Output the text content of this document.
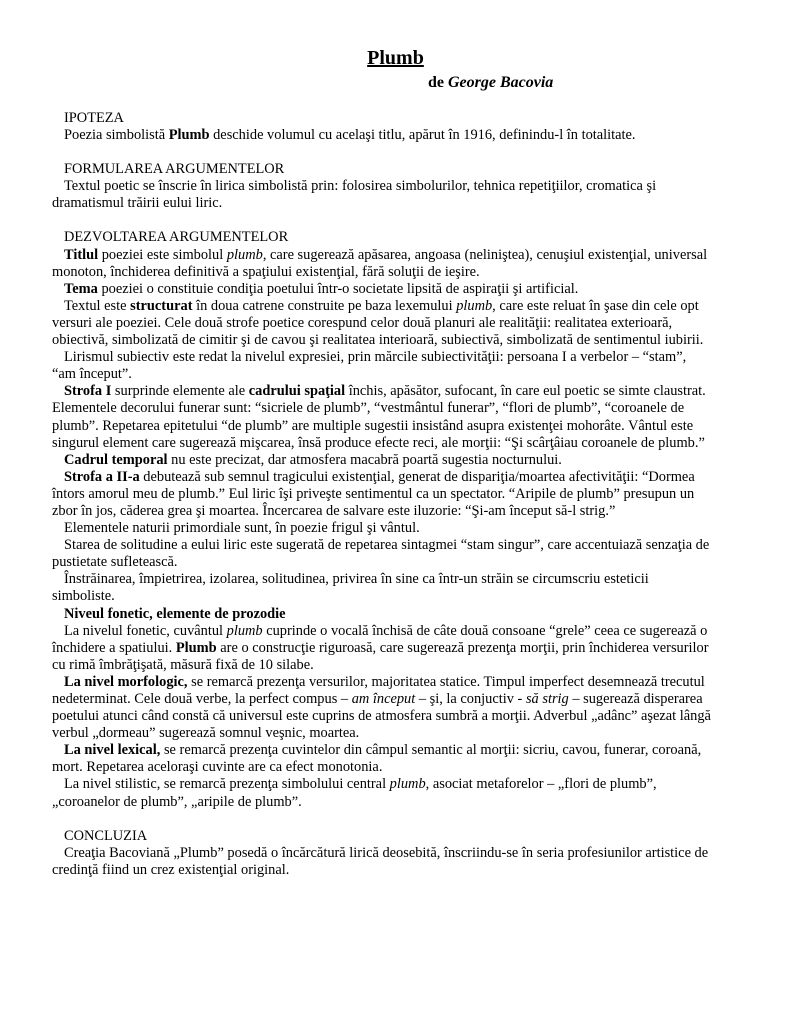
Plumb
de George Bacovia

IPOTEZA

Poezia simbolistă Plumb deschide volumul cu acelaşi titlu, apărut în 1916, definindu-l în totalitate.

FORMULAREA ARGUMENTELOR

Textul poetic se înscrie în lirica simbolistă prin: folosirea simbolurilor, tehnica repetiţiilor, cromatica şi dramatismul trăirii eului liric.

DEZVOLTAREA ARGUMENTELOR

Titlul poeziei este simbolul plumb, care sugerează apăsarea, angoasa (neliniştea), cenuşiul existenţial, universal monoton, închiderea definitivă a spaţiului existenţial, fără soluţii de ieşire.

Tema poeziei o constituie condiţia poetului într-o societate lipsită de aspiraţii şi artificial.

Textul este structurat în doua catrene construite pe baza lexemului plumb, care este reluat în şase din cele opt versuri ale poeziei. Cele două strofe poetice corespund celor două planuri ale realităţii: realitatea exterioară, obiectivă, simbolizată de cimitir şi de cavou şi realitatea interioară, subiectivă, simbolizată de sentimentul iubirii.

Lirismul subiectiv este redat la nivelul expresiei, prin mărcile subiectivităţii: persoana I a verbelor – “stam”, “am început”.

Strofa I surprinde elemente ale cadrului spaţial închis, apăsător, sufocant, în care eul poetic se simte claustrat. Elementele decorului funerar sunt: “sicriele de plumb”, “vestmântul funerar”, “flori de plumb”, “coroanele de plumb”. Repetarea epitetului “de plumb” are multiple sugestii insistând asupra existenţei mohorâte. Vântul este singurul element care sugerează mişcarea, însă produce efecte reci, ale morţii: “Şi scârţâiau coroanele de plumb.”

Cadrul temporal nu este precizat, dar atmosfera macabră poartă sugestia nocturnului.

Strofa a II-a debutează sub semnul tragicului existenţial, generat de dispariţia/moartea afectivităţii: “Dormea întors amorul meu de plumb.” Eul liric îşi priveşte sentimentul ca un spectator. “Aripile de plumb” presupun un zbor în jos, căderea grea şi moartea. Încercarea de salvare este iluzorie: “Şi-am început să-l strig.”

Elementele naturii primordiale sunt, în poezie frigul şi vântul.

Starea de solitudine a eului liric este sugerată de repetarea sintagmei “stam singur”, care accentuiază senzaţia de pustietate sufletească.

Înstrăinarea, împietrirea, izolarea, solitudinea, privirea în sine ca într-un străin se circumscriu esteticii simboliste.

Niveul fonetic, elemente de prozodie

La nivelul fonetic, cuvântul plumb cuprinde o vocală închisă de câte două consoane “grele” ceea ce sugerează o închidere a spatiului. Plumb are o construcţie riguroasă, care sugerează prezenţa morţii, prin închiderea versurilor cu rimă îmbrăţişată, măsură fixă de 10 silabe.

La nivel morfologic, se remarcă prezenţa versurilor, majoritatea statice. Timpul imperfect desemnează trecutul nedeterminat. Cele două verbe, la perfect compus – am început – şi, la conjuctiv - să strig – sugerează disperarea poetului atunci când constă că universul este cuprins de atmosfera sumbră a morţii. Adverbul „adânc” aşezat lângă verbul „dormeau” sugerează somnul veşnic, moartea.

La nivel lexical, se remarcă prezenţa cuvintelor din câmpul semantic al morţii: sicriu, cavou, funerar, coroană, mort. Repetarea aceloraşi cuvinte are ca efect monotonia.

La nivel stilistic, se remarcă prezenţa simbolului central plumb, asociat metaforelor – „flori de plumb”, „coroanelor de plumb”, „aripile de plumb”.

CONCLUZIA

Creaţia Bacoviană „Plumb” posedă o încărcătură lirică deosebită, înscriindu-se în seria profesiunilor artistice de credinţă fiind un crez existenţial original.
